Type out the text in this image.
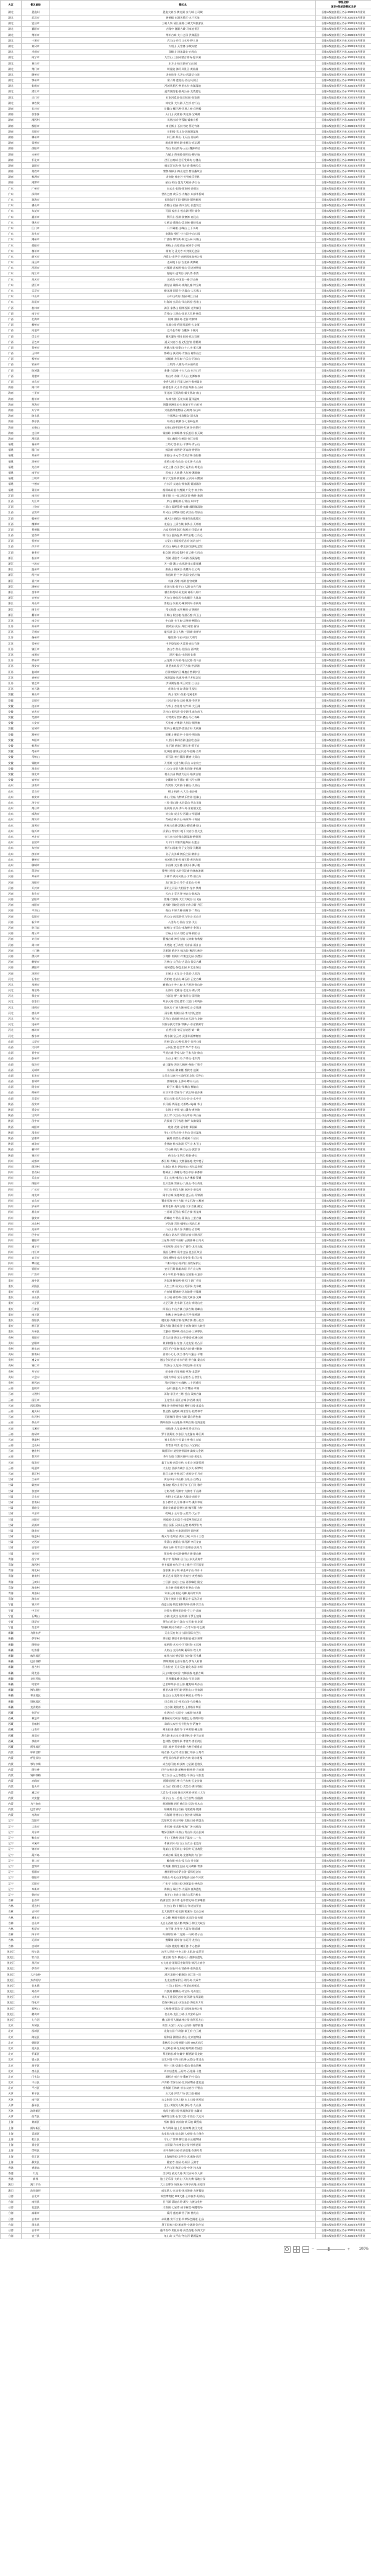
大区	景区星级	景区名	等级名称
国家A级旅游景区名录

湖北	恩施州	恩施大峡谷·腾龙洞·女儿城·土司城	国家A级旅游景区名录 2023年9月建设
湖北	武汉市	黄鹤楼·东湖风景区·木兰天池	国家A级旅游景区名录 2023年9月建设
湖北	宜昌市	三峡人家·清江画廊·三峡大坝旅游区	国家A级旅游景区名录 2023年9月建设
湖北	襄阳市	古隆中·襄阳古城·习家池景区	国家A级旅游景区名录 2023年9月建设
湖北	荆州市	荆州古城·关公义园·洪湖蓝田	国家A级旅游景区名录 2023年9月建设
湖北	十堰市	武当山·丹江口水库·野人谷	国家A级旅游景区名录 2023年9月建设
湖北	黄冈市	大别山·天堂寨·东坡赤壁	国家A级旅游景区名录 2023年9月建设
湖北	孝感市	双峰山·汤池温泉·白兆山	国家A级旅游景区名录 2023年9月建设
湖北	咸宁市	九宫山·三国赤壁古战场·隐水洞	国家A级旅游景区名录 2023年9月建设
湖北	黄石市	东方山·仙岛湖·矿山公园	国家A级旅游景区名录 2023年9月建设
湖北	荆门市	明显陵·漳河风景区·黄仙洞	国家A级旅游景区名录 2023年9月建设
湖北	随州市	炎帝故里·大洪山·西游记公园	国家A级旅游景区名录 2023年9月建设
湖北	鄂州市	梁子湖·莲花山·西山风景区	国家A级旅游景区名录 2023年9月建设
湖北	仙桃市	沔城风景区·梦里水乡·赤湖湿地	国家A级旅游景区名录 2023年9月建设
湖北	潜江市	返湾湖湿地·曹禺公园·龙湾遗址	国家A级旅游景区名录 2023年9月建设
湖北	天门市	石家河遗址·陆羽故园·张家湖	国家A级旅游景区名录 2023年9月建设
湖北	神农架	神农顶·大九湖·天生桥·官门山	国家A级旅游景区名录 2023年9月建设
湖南	长沙市	岳麓山·橘子洲·世界之窗·花明楼	国家A级旅游景区名录 2023年9月建设
湖南	张家界	天门山·武陵源·黄龙洞·宝峰湖	国家A级旅游景区名录 2023年9月建设
湖南	湘西州	凤凰古城·芙蓉镇·矮寨大桥	国家A级旅游景区名录 2023年9月建设
湖南	衡阳市	南岳衡山·石鼓书院·蔡伦竹海	国家A级旅游景区名录 2023年9月建设
湖南	岳阳市	岳阳楼·君山岛·洞庭湖湿地	国家A级旅游景区名录 2023年9月建设
湖南	郴州市	东江湖·莽山·飞天山·苏仙岭	国家A级旅游景区名录 2023年9月建设
湖南	常德市	桃花源·柳叶湖·壶瓶山·花岩溪	国家A级旅游景区名录 2023年9月建设
湖南	邵阳市	崀山·南山牧场·云山·魏源故居	国家A级旅游景区名录 2023年9月建设
湖南	永州市	九嶷山·舜帝陵·阳明山·柳子庙	国家A级旅游景区名录 2023年9月建设
湖南	怀化市	洪江古商城·芷江受降坊·万佛山	国家A级旅游景区名录 2023年9月建设
湖南	益阳市	桃花江竹海·茶马古道·奥林匹克	国家A级旅游景区名录 2023年9月建设
湖南	娄底市	紫鹊界梯田·梅山龙宫·曾国藩故居	国家A级旅游景区名录 2023年9月建设
湖南	株洲市	炎帝陵·神农谷·方特欢乐世界	国家A级旅游景区名录 2023年9月建设
湖南	湘潭市	韶山·昭山·盘龙大观园·齐白石	国家A级旅游景区名录 2023年9月建设
广东	广州市	白云山·长隆·陈家祠·沙面岛	国家A级旅游景区名录 2023年9月建设
广东	深圳市	世界之窗·欢乐谷·大梅沙·东部华侨城	国家A级旅游景区名录 2023年9月建设
广东	珠海市	长隆海洋王国·情侣路·圆明新园	国家A级旅游景区名录 2023年9月建设
广东	佛山市	西樵山·祖庙·南风古灶·长鹿农庄	国家A级旅游景区名录 2023年9月建设
广东	东莞市	可园·观音山·松山湖·鸦片战争	国家A级旅游景区名录 2023年9月建设
广东	惠州市	罗浮山·西湖·巽寮湾·南昆山	国家A级旅游景区名录 2023年9月建设
广东	肇庆市	七星岩·鼎湖山·盘龙峡·德庆孔庙	国家A级旅游景区名录 2023年9月建设
广东	江门市	开平碉楼·圭峰山·上下川岛	国家A级旅游景区名录 2023年9月建设
广东	汕头市	南澳岛·礐石·小公园·中山公园	国家A级旅游景区名录 2023年9月建设
广东	潮州市	广济桥·牌坊街·韩文公祠·凤凰山	国家A级旅游景区名录 2023年9月建设
广东	揭阳市	黄岐山·古榕武庙·双峰寺·京明	国家A级旅游景区名录 2023年9月建设
广东	梅州市	雁南飞·灵光寺·叶剑英纪念园	国家A级旅游景区名录 2023年9月建设
广东	韶关市	丹霞山·南华寺·南岭国家森林公园	国家A级旅游景区名录 2023年9月建设
广东	清远市	连州地下河·古龙峡·黄腾峡	国家A级旅游景区名录 2023年9月建设
广东	河源市	万绿湖·苏家围·桂山·恐龙博物馆	国家A级旅游景区名录 2023年9月建设
广东	阳江市	海陵岛·凌霄岩·沙扒湾·春湾	国家A级旅游景区名录 2023年9月建设
广东	茂名市	放鸡岛·中国第一滩·浮山岭	国家A级旅游景区名录 2023年9月建设
广东	湛江市	湖光岩·硇洲岛·观海长廊·特呈岛	国家A级旅游景区名录 2023年9月建设
广东	云浮市	蟠龙洞·国恩寺·天露山·大云雾山	国家A级旅游景区名录 2023年9月建设
广东	中山市	孙中山故居·詹园·岐江公园	国家A级旅游景区名录 2023年9月建设
广东	汕尾市	红海湾·玄武山·凤山妈祖·莲花山	国家A级旅游景区名录 2023年9月建设
广西	桂林市	漓江·象鼻山·阳朔西街·龙脊梯田	国家A级旅游景区名录 2023年9月建设
广西	南宁市	青秀山·大明山·花花大世界·扬美	国家A级旅游景区名录 2023年9月建设
广西	北海市	银滩·涠洲岛·老街·红树林	国家A级旅游景区名录 2023年9月建设
广西	柳州市	龙潭公园·程阳风雨桥·大龙潭	国家A级旅游景区名录 2023年9月建设
广西	河池市	巴马长寿村·百魔洞·下枧河	国家A级旅游景区名录 2023年9月建设
广西	崇左市	德天瀑布·明仕田园·花山岩画	国家A级旅游景区名录 2023年9月建设
广西	百色市	通灵大峡谷·起义纪念馆·澄碧湖	国家A级旅游景区名录 2023年9月建设
广西	贺州市	黄姚古镇·姑婆山·十八水·紫云洞	国家A级旅游景区名录 2023年9月建设
广西	玉林市	都峤山·真武阁·大容山·谢鲁山庄	国家A级旅游景区名录 2023年9月建设
广西	梧州市	骑楼城·龙母庙·白云山·石表山	国家A级旅游景区名录 2023年9月建设
广西	钦州市	三娘湾·八寨沟·刘永福故居	国家A级旅游景区名录 2023年9月建设
广西	防城港	金滩·白浪滩·十万大山·东兴口岸	国家A级旅游景区名录 2023年9月建设
广西	贵港市	南山寺·东湖·平天山·龙潭森林	国家A级旅游景区名录 2023年9月建设
广西	来宾市	金秀大瑶山·百崖大峡谷·象州温泉	国家A级旅游景区名录 2023年9月建设
海南	海口市	骑楼老街·火山口·假日海滩·五公祠	国家A级旅游景区名录 2023年9月建设
海南	三亚市	亚龙湾·天涯海角·蜈支洲岛·南山	国家A级旅游景区名录 2023年9月建设
海南	儋州市	东坡书院·石花水洞·蓝洋温泉	国家A级旅游景区名录 2023年9月建设
海南	琼海市	博鳌亚洲论坛·红色娘子军·白石岭	国家A级旅游景区名录 2023年9月建设
海南	万宁市	兴隆热带植物园·石梅湾·东山岭	国家A级旅游景区名录 2023年9月建设
海南	陵水县	分界洲岛·南湾猴岛·清水湾	国家A级旅游景区名录 2023年9月建设
海南	保亭县	呀诺达·槟榔谷·七仙岭温泉	国家A级旅游景区名录 2023年9月建设
海南	五指山	五指山热带雨林·红峡谷·初保村	国家A级旅游景区名录 2023年9月建设
海南	文昌市	铜鼓岭·东郊椰林·宋氏祖居·航天城	国家A级旅游景区名录 2023年9月建设
海南	澄迈县	福山咖啡·红树湾·金江老街	国家A级旅游景区名录 2023年9月建设
福建	福州市	三坊七巷·鼓山·平潭岛·青云山	国家A级旅游景区名录 2023年9月建设
福建	厦门市	鼓浪屿·南普陀·环岛路·曾厝垵	国家A级旅游景区名录 2023年9月建设
福建	泉州市	清源山·开元寺·崇武古城·洛阳桥	国家A级旅游景区名录 2023年9月建设
福建	漳州市	南靖土楼·东山岛·云水谣·火山岛	国家A级旅游景区名录 2023年9月建设
福建	龙岩市	永定土楼·古田会议·冠豸山·梅花山	国家A级旅游景区名录 2023年9月建设
福建	南平市	武夷山·九曲溪·大红袍·溪源庵	国家A级旅游景区名录 2023年9月建设
福建	三明市	泰宁大金湖·桃源洞·玉华洞·天鹅洞	国家A级旅游景区名录 2023年9月建设
福建	宁德市	白水洋·太姥山·杨家溪·霞浦滩涂	国家A级旅游景区名录 2023年9月建设
福建	莆田市	湄洲岛妈祖·九鲤湖·广化寺·南少林	国家A级旅游景区名录 2023年9月建设
江西	南昌市	滕王阁·八一起义纪念馆·梅岭·象湖	国家A级旅游景区名录 2023年9月建设
江西	九江市	庐山·鄱阳湖·石钟山·东林寺	国家A级旅游景区名录 2023年9月建设
江西	上饶市	三清山·婺源篁岭·龟峰·鄱阳湖湿地	国家A级旅游景区名录 2023年9月建设
江西	吉安市	井冈山·白鹭洲书院·武功山·青原山	国家A级旅游景区名录 2023年9月建设
江西	赣州市	通天岩·郁孤台·瑞金红色旅游区	国家A级旅游景区名录 2023年9月建设
江西	鹰潭市	龙虎山·上清古镇·象鼻山·天师府	国家A级旅游景区名录 2023年9月建设
江西	景德镇	古窑民俗博览区·陶溪川·浮梁古城	国家A级旅游景区名录 2023年9月建设
江西	宜春市	明月山·温汤温泉·禅宗圣地·三爪仑	国家A级旅游景区名录 2023年9月建设
江西	抚州市	大觉山·汤显祖纪念馆·流坑古村	国家A级旅游景区名录 2023年9月建设
江西	萍乡市	武功山·杨岐山·孽龙洞·安源纪念馆	国家A级旅游景区名录 2023年9月建设
江西	新余市	仙女湖·昌坊度假村·百丈峰·大岗山	国家A级旅游景区名录 2023年9月建设
浙江	杭州市	西湖·灵隐寺·千岛湖·西溪湿地	国家A级旅游景区名录 2023年9月建设
浙江	宁波市	天一阁·溪口·东钱湖·象山影视城	国家A级旅游景区名录 2023年9月建设
浙江	温州市	雁荡山·楠溪江·南麂岛·江心屿	国家A级旅游景区名录 2023年9月建设
浙江	绍兴市	鲁迅故里·兰亭·沈园·安昌古镇	国家A级旅游景区名录 2023年9月建设
浙江	嘉兴市	乌镇·西塘·南湖·盐官观潮	国家A级旅游景区名录 2023年9月建设
浙江	湖州市	南浔古镇·莫干山·太湖·安吉竹海	国家A级旅游景区名录 2023年9月建设
浙江	金华市	横店影视城·双龙洞·诸葛八卦村	国家A级旅游景区名录 2023年9月建设
浙江	台州市	天台山·神仙居·长屿硐天·大陈岛	国家A级旅游景区名录 2023年9月建设
浙江	舟山市	普陀山·朱家尖·嵊泗列岛·东极岛	国家A级旅游景区名录 2023年9月建设
浙江	丽水市	缙云仙都·云和梯田·古堰画乡	国家A级旅游景区名录 2023年9月建设
浙江	衢州市	江郎山·根宝地·龙游石窟·药王山	国家A级旅游景区名录 2023年9月建设
江苏	南京市	中山陵·夫子庙·总统府·栖霞山	国家A级旅游景区名录 2023年9月建设
江苏	苏州市	拙政园·虎丘·周庄·同里·留园	国家A级旅游景区名录 2023年9月建设
江苏	无锡市	鼋头渚·灵山大佛·三国城·南禅寺	国家A级旅游景区名录 2023年9月建设
江苏	扬州市	瘦西湖·个园·何园·大明寺	国家A级旅游景区名录 2023年9月建设
江苏	常州市	中华恐龙园·天目湖·南山竹海	国家A级旅游景区名录 2023年9月建设
江苏	镇江市	金山寺·焦山·北固山·西津渡	国家A级旅游景区名录 2023年9月建设
江苏	南通市	濠河·狼山·水绘园·如皋	国家A级旅游景区名录 2023年9月建设
江苏	徐州市	云龙湖·兵马俑·龟山汉墓·戏马台	国家A级旅游景区名录 2023年9月建设
江苏	淮安市	周恩来故居·河下古镇·洪泽湖	国家A级旅游景区名录 2023年9月建设
江苏	盐城市	丹顶鹤保护区·麋鹿自然保护区	国家A级旅游景区名录 2023年9月建设
江苏	泰州市	溱湖湿地·凤城河·梅兰芳纪念馆	国家A级旅游景区名录 2023年9月建设
江苏	宿迁市	洪泽湖湿地·项王故里·三台山	国家A级旅游景区名录 2023年9月建设
江苏	连云港	花果山·连岛·渔湾·孔望山	国家A级旅游景区名录 2023年9月建设
安徽	黄山市	黄山·宏村·西递·屯溪老街	国家A级旅游景区名录 2023年9月建设
安徽	合肥市	三河古镇·包公园·巢湖·李鸿章	国家A级旅游景区名录 2023年9月建设
安徽	池州市	九华山·杏花村·牯牛降·大王洞	国家A级旅游景区名录 2023年9月建设
安徽	安庆市	天柱山·振风塔·花亭湖·孔雀东南飞	国家A级旅游景区名录 2023年9月建设
安徽	芜湖市	方特欢乐世界·赭山·马仁奇峰	国家A级旅游景区名录 2023年9月建设
安徽	六安市	天堂寨·万佛湖·大别山·铜锣寨	国家A级旅游景区名录 2023年9月建设
安徽	宣城市	敬亭山·桃花潭·查济古村·太极洞	国家A级旅游景区名录 2023年9月建设
安徽	滁州市	琅琊山·醉翁亭·小岗村·明皇陵	国家A级旅游景区名录 2023年9月建设
安徽	阜阳市	八里河·颍州西湖·迪沟生态园	国家A级旅游景区名录 2023年9月建设
安徽	蚌埠市	龙子湖·花鼓灯嘉年华·禹王宫	国家A级旅游景区名录 2023年9月建设
安徽	亳州市	花戏楼·曹操运兵道·华祖庵·古井	国家A级旅游景区名录 2023年9月建设
安徽	马鞍山	采石矶·李白墓园·濮塘·大青山	国家A级旅游景区名录 2023年9月建设
安徽	铜陵市	天井湖·大通古镇·浮山·永泉农庄	国家A级旅游景区名录 2023年9月建设
安徽	淮南市	八公山·寿县古城·焦岗湖·茅仙洞	国家A级旅游景区名录 2023年9月建设
安徽	淮北市	相山公园·隋唐大运河·临涣古镇	国家A级旅游景区名录 2023年9月建设
安徽	宿州市	皇藏峪·垓下遗址·新汴河·五柳	国家A级旅游景区名录 2023年9月建设
山东	济南市	趵突泉·大明湖·千佛山·九如山	国家A级旅游景区名录 2023年9月建设
山东	青岛市	崂山·栈桥·八大关·金沙滩	国家A级旅游景区名录 2023年9月建设
山东	泰安市	泰山·岱庙·方特欢乐世界·徂徕山	国家A级旅游景区名录 2023年9月建设
山东	济宁市	三孔·微山湖·水泊梁山·尼山圣境	国家A级旅游景区名录 2023年9月建设
山东	烟台市	蓬莱阁·长岛·养马岛·张裕酒文化	国家A级旅游景区名录 2023年9月建设
山东	威海市	刘公岛·成山头·西霞口·华夏城	国家A级旅游景区名录 2023年9月建设
山东	潍坊市	青州古城·沂山·杨家埠·十笏园	国家A级旅游景区名录 2023年9月建设
山东	淄博市	周村古商城·潭溪山·聊斋城·原山	国家A级旅游景区名录 2023年9月建设
山东	临沂市	沂蒙山·竹泉村·地下大峡谷·萤火虫	国家A级旅游景区名录 2023年9月建设
山东	枣庄市	台儿庄古城·微山湖湿地·抱犊崮	国家A级旅游景区名录 2023年9月建设
山东	日照市	万平口·刘家湾赶海园·五莲山	国家A级旅游景区名录 2023年9月建设
山东	东营市	黄河口湿地·孙子文化园·天鹅湖	国家A级旅游景区名录 2023年9月建设
山东	滨州市	孙子兵法城·魏氏庄园·鹤伴山	国家A级旅游景区名录 2023年9月建设
山东	德州市	泉城欧乐堡·苏禄王墓·黄河故道	国家A级旅游景区名录 2023年9月建设
山东	聊城市	东昌湖·光岳楼·景阳冈·狮子楼	国家A级旅游景区名录 2023年9月建设
山东	菏泽市	曹州牡丹园·水浒好汉城·孙膑旅游城	国家A级旅游景区名录 2023年9月建设
河南	郑州市	少林寺·黄河风景区·方特·康百万	国家A级旅游景区名录 2023年9月建设
河南	洛阳市	龙门石窟·白马寺·老君山·关林	国家A级旅游景区名录 2023年9月建设
河南	开封市	清明上河园·大相国寺·龙亭·铁塔	国家A级旅游景区名录 2023年9月建设
河南	焦作市	云台山·青天河·神农山·陈家沟	国家A级旅游景区名录 2023年9月建设
河南	安阳市	殷墟·红旗渠·太行大峡谷·岳飞庙	国家A级旅游景区名录 2023年9月建设
河南	南阳市	老界岭·西峡恐龙园·内乡县衙·丹江	国家A级旅游景区名录 2023年9月建设
河南	平顶山	尧山·中原大佛·画眉谷·二郎山	国家A级旅游景区名录 2023年9月建设
河南	信阳市	鸡公山·南湾湖·西九华山·灵山寺	国家A级旅游景区名录 2023年9月建设
河南	新乡市	八里沟·万仙山·宝泉·关山	国家A级旅游景区名录 2023年9月建设
河南	驻马店	嵖岈山·老乐山·南海禅寺·金顶山	国家A级旅游景区名录 2023年9月建设
河南	商丘市	芒砀山·应天书院·古城·阏伯台	国家A级旅游景区名录 2023年9月建设
河南	许昌市	曹魏古城·神垕古镇·大鸿寨·春秋楼	国家A级旅游景区名录 2023年9月建设
河南	周口市	太昊陵·老子故里·关帝庙·画卦台	国家A级旅游景区名录 2023年9月建设
河南	三门峡	天鹅湖·函谷关·地坑院·豫西大峡谷	国家A级旅游景区名录 2023年9月建设
河南	漯河市	小商桥·南街村·许慎文化园·沙澧河	国家A级旅游景区名录 2023年9月建设
河南	鹤壁市	云梦山·大伾山·古灵山·浚县古城	国家A级旅游景区名录 2023年9月建设
河南	濮阳市	戚城遗址·绿色庄园·东北庄杂技	国家A级旅游景区名录 2023年9月建设
河南	济源市	王屋山·五龙口·小浪底·九里沟	国家A级旅游景区名录 2023年9月建设
河北	石家庄	西柏坡·苍岩山·嶂石岩·正定古城	国家A级旅游景区名录 2023年9月建设
河北	承德市	避暑山庄·外八庙·木兰围场·金山岭	国家A级旅游景区名录 2023年9月建设
河北	秦皇岛	山海关·北戴河·老龙头·鸽子窝	国家A级旅游景区名录 2023年9月建设
河北	保定市	白洋淀·野三坡·狼牙山·清西陵	国家A级旅游景区名录 2023年9月建设
河北	张家口	草原天路·崇礼滑雪·大境门·鸡鸣驿	国家A级旅游景区名录 2023年9月建设
河北	邯郸市	娲皇宫·广府古城·响堂山·京娘湖	国家A级旅游景区名录 2023年9月建设
河北	唐山市	清东陵·南湖公园·李大钊纪念馆	国家A级旅游景区名录 2023年9月建设
河北	邢台市	天河山·前南峪·崆山白云洞·九龙峡	国家A级旅游景区名录 2023年9月建设
河北	沧州市	吴桥杂技大世界·铁狮子·东光铁佛寺	国家A级旅游景区名录 2023年9月建设
河北	廊坊市	自然公园·宋辽古战道·第一城	国家A级旅游景区名录 2023年9月建设
河北	衡水市	衡水湖·宝云寺·武强年画博物馆	国家A级旅游景区名录 2023年9月建设
山西	太原市	晋祠·蒙山大佛·双塔寺·汾河公园	国家A级旅游景区名录 2023年9月建设
山西	大同市	云冈石窟·悬空寺·华严寺·恒山	国家A级旅游景区名录 2023年9月建设
山西	晋中市	平遥古城·乔家大院·王家大院·绵山	国家A级旅游景区名录 2023年9月建设
山西	忻州市	五台山·雁门关·芦芽山·老牛湾	国家A级旅游景区名录 2023年9月建设
山西	临汾市	壶口瀑布·洪洞大槐树·尧庙·广胜寺	国家A级旅游景区名录 2023年9月建设
山西	运城市	关帝庙·鹳雀楼·普救寺·盐湖	国家A级旅游景区名录 2023年9月建设
山西	长治市	太行山大峡谷·八路军纪念馆·天脊山	国家A级旅游景区名录 2023年9月建设
山西	晋城市	皇城相府·王莽岭·蟒河·珏山	国家A级旅游景区名录 2023年9月建设
山西	阳泉市	娘子关·藏山·翠枫山·狮脑山	国家A级旅游景区名录 2023年9月建设
山西	朔州市	应县木塔·崇福寺·广武长城·金沙滩	国家A级旅游景区名录 2023年9月建设
山西	吕梁市	碛口古镇·北武当山·卦山·玄中寺	国家A级旅游景区名录 2023年9月建设
陕西	西安市	兵马俑·华清池·大雁塔·city墙·华山	国家A级旅游景区名录 2023年9月建设
陕西	延安市	宝塔山·枣园·壶口瀑布·黄帝陵	国家A级旅游景区名录 2023年9月建设
陕西	宝鸡市	法门寺·太白山·关山草原·周公庙	国家A级旅游景区名录 2023年9月建设
陕西	汉中市	武侯祠·石门栈道·黎坪·朱鹮梨园	国家A级旅游景区名录 2023年9月建设
陕西	咸阳市	乾陵·茂陵·袁家村·郑国渠	国家A级旅游景区名录 2023年9月建设
陕西	渭南市	华山·司马迁祠·少华山·洽川湿地	国家A级旅游景区名录 2023年9月建设
陕西	安康市	瀛湖·南宫山·香溪洞·千层河	国家A级旅游景区名录 2023年9月建设
陕西	商洛市	金丝峡·柞水溶洞·天竺山·木王山	国家A级旅游景区名录 2023年9月建设
陕西	榆林市	红石峡·统万城·白云山·波浪谷	国家A级旅游景区名录 2023年9月建设
陕西	铜川市	药王山·玉华宫·照金·香山	国家A级旅游景区名录 2023年9月建设
四川	成都市	都江堰·青城山·大熊猫基地·宽窄巷子	国家A级旅游景区名录 2023年9月建设
四川	阿坝州	九寨沟·黄龙·四姑娘山·若尔盖草原	国家A级旅游景区名录 2023年9月建设
四川	甘孜州	稻城亚丁·海螺沟·塔公草原·新都桥	国家A级旅游景区名录 2023年9月建设
四川	乐山市	乐山大佛·峨眉山·东方佛都·罗城	国家A级旅游景区名录 2023年9月建设
四川	绵阳市	北川羌城·窦圌山·九皇山·李白故里	国家A级旅游景区名录 2023年9月建设
四川	广元市	剑门关·昭化古城·皇泽寺·唐家河	国家A级旅游景区名录 2023年9月建设
四川	南充市	阆中古城·朱德故里·凌云山·升钟湖	国家A级旅游景区名录 2023年9月建设
四川	宜宾市	蜀南竹海·李庄古镇·兴文石海·五粮液	国家A级旅游景区名录 2023年9月建设
四川	泸州市	黄荆老林·尧坝古镇·太平古镇·佛宝	国家A级旅游景区名录 2023年9月建设
四川	眉山市	三苏祠·瓦屋山·柳江古镇·黑龙滩	国家A级旅游景区名录 2023年9月建设
四川	雅安市	碧峰峡·牛背山·蒙顶山·上里古镇	国家A级旅游景区名录 2023年9月建设
四川	凉山州	泸沽湖·邛海·螺髻山·西昌卫星	国家A级旅游景区名录 2023年9月建设
四川	达州市	八台山·賨人谷·真佛山·百里峡	国家A级旅游景区名录 2023年9月建设
四川	巴中市	光雾山·诺水河·恩阳古镇·川陕苏区	国家A级旅游景区名录 2023年9月建设
四川	德阳市	三星堆·绵竹年画村·云湖森林·白马关	国家A级旅游景区名录 2023年9月建设
四川	遂宁市	中国死海·灵泉寺·广德寺·龙凤古镇	国家A级旅游景区名录 2023年9月建设
四川	内江市	隆昌石牌坊·资中文庙·范长江故居	国家A级旅游景区名录 2023年9月建设
四川	自贡市	恐龙博物馆·盐业历史馆·彩灯公园	国家A级旅游景区名录 2023年9月建设
四川	攀枝花	二滩水电站·格萨拉·苏铁保护区	国家A级旅游景区名录 2023年9月建设
四川	资阳市	安岳石刻·陈毅故居·半月山大佛	国家A级旅游景区名录 2023年9月建设
四川	广安市	邓小平故里·华蓥山·宝箴塞·天意谷	国家A级旅游景区名录 2023年9月建设
重庆	渝中区	洪崖洞·解放碑·朝天门·湖广会馆	国家A级旅游景区名录 2023年9月建设
重庆	武隆区	天生三桥·仙女山·芙蓉洞·龙水峡	国家A级旅游景区名录 2023年9月建设
重庆	奉节县	白帝城·瞿塘峡·天坑地缝·兴隆洞	国家A级旅游景区名录 2023年9月建设
重庆	巫山县	小三峡·神女峰·当阳大峡谷·文峰	国家A级旅游景区名录 2023年9月建设
重庆	大足区	大足石刻·龙水湖·玉龙山·荷花山庄	国家A级旅游景区名录 2023年9月建设
重庆	江津区	四面山·中山古镇·白沙古镇·骆崃山	国家A级旅游景区名录 2023年9月建设
重庆	南川区	金佛山·神龙峡·山王坪·黎香湖	国家A级旅游景区名录 2023年9月建设
重庆	酉阳县	桃花源·龚滩古镇·龙潭古镇·叠石花谷	国家A级旅游景区名录 2023年9月建设
重庆	黔江区	濯水古镇·蒲花暗河·小南海·城市大峡谷	国家A级旅游景区名录 2023年9月建设
重庆	万州区	大瀑布·潭獐峡·西山公园·三峡移民	国家A级旅游景区名录 2023年9月建设
贵州	贵阳市	青岩古镇·黔灵山·甲秀楼·花溪公园	国家A级旅游景区名录 2023年9月建设
贵州	安顺市	黄果树瀑布·龙宫·天龙屯堡·格凸河	国家A级旅游景区名录 2023年9月建设
贵州	黔东南	西江千户苗寨·镇远古城·肇兴侗寨	国家A级旅游景区名录 2023年9月建设
贵州	黔南州	荔波小七孔·茂兰·都匀斗篷山·平塘	国家A级旅游景区名录 2023年9月建设
贵州	遵义市	遵义会议会址·赤水丹霞·茅台镇·娄山关	国家A级旅游景区名录 2023年9月建设
贵州	铜仁市	梵净山·九龙洞·大明边城·亚木沟	国家A级旅游景区名录 2023年9月建设
贵州	毕节市	织金洞·百里杜鹃·草海·韭菜坪	国家A级旅游景区名录 2023年9月建设
贵州	六盘水	乌蒙大草原·妥乐古银杏·玉舍雪山	国家A级旅游景区名录 2023年9月建设
贵州	黔西南	马岭河峡谷·万峰林·二十四道拐	国家A级旅游景区名录 2023年9月建设
云南	昆明市	石林·滇池·九乡·世博园·翠湖	国家A级旅游景区名录 2023年9月建设
云南	大理州	洱海·崇圣寺三塔·苍山·双廊古镇	国家A级旅游景区名录 2023年9月建设
云南	丽江市	玉龙雪山·丽江古城·泸沽湖·束河	国家A级旅游景区名录 2023年9月建设
云南	西双版纳	野象谷·热带植物园·曼听公园·基诺山	国家A级旅游景区名录 2023年9月建设
云南	迪庆州	普达措·虎跳峡·梅里雪山·松赞林寺	国家A级旅游景区名录 2023年9月建设
云南	红河州	元阳梯田·建水古城·蒙自碧色寨	国家A级旅游景区名录 2023年9月建设
云南	保山市	腾冲热海·火山地热·和顺古镇·北海湿地	国家A级旅游景区名录 2023年9月建设
云南	玉溪市	抚仙湖·九龙池·映月潭·哀牢山	国家A级旅游景区名录 2023年9月建设
云南	曲靖市	罗平油菜花·多依河·九龙瀑布·珠江源	国家A级旅游景区名录 2023年9月建设
云南	楚雄州	禄丰恐龙谷·元谋土林·彝人古镇	国家A级旅游景区名录 2023年9月建设
云南	文山州	普者黑·坝美·老君山·八宝景区	国家A级旅游景区名录 2023年9月建设
云南	德宏州	瑞丽莽市·莫里热带雨林·勐焕大金塔	国家A级旅游景区名录 2023年9月建设
云南	普洱市	茶马古道·太阳河森林公园·景迈山	国家A级旅游景区名录 2023年9月建设
云南	临沧市	翁丁古寨·南美拉祜·五老山·沧源崖画	国家A级旅游景区名录 2023年9月建设
云南	昭通市	大山包·西部大峡谷·豆沙关·铜锣坝	国家A级旅游景区名录 2023年9月建设
云南	怒江州	怒江大峡谷·独龙江·老姆登·石月亮	国家A级旅游景区名录 2023年9月建设
甘肃	兰州市	黄河母亲·中山桥·五泉山·白塔山	国家A级旅游景区名录 2023年9月建设
甘肃	敦煌市	莫高窟·鸣沙山月牙泉·玉门关·雅丹	国家A级旅游景区名录 2023年9月建设
甘肃	张掖市	七彩丹霞·马蹄寺·大佛寺·平山湖	国家A级旅游景区名录 2023年9月建设
甘肃	天水市	麦积山·伏羲庙·大地湾·南郭寺	国家A级旅游景区名录 2023年9月建设
甘肃	甘南州	拉卜楞寺·扎尕那·郎木寺·桑科草原	国家A级旅游景区名录 2023年9月建设
甘肃	嘉峪关	嘉峪关城楼·悬壁长城·魏晋墓·方特	国家A级旅游景区名录 2023年9月建设
甘肃	平凉市	崆峒山·王母宫·云崖寺·大云寺	国家A级旅游景区名录 2023年9月建设
甘肃	庆阳市	周祖陵·北石窟寺·南梁革命纪念馆	国家A级旅游景区名录 2023年9月建设
甘肃	武威市	雷台汉墓·天梯山石窟·鸠摩罗什寺	国家A级旅游景区名录 2023年9月建设
甘肃	陇南市	官鹅沟·万象洞·阳坝·西狭颂	国家A级旅游景区名录 2023年9月建设
甘肃	临夏州	炳灵寺·松鸣岩·黄河三峡·八坊十三巷	国家A级旅游景区名录 2023年9月建设
甘肃	定西市	贵清山·遮阳山·渭河源·李氏龙宫	国家A级旅游景区名录 2023年9月建设
甘肃	白银市	黄河石林·红军会宁会师园·法泉寺	国家A级旅游景区名录 2023年9月建设
甘肃	金昌市	紫金苑·金水湖·骊靬古城·御山峡	国家A级旅游景区名录 2023年9月建设
青海	西宁市	塔尔寺·青海湖·日月山·东关清真寺	国家A级旅游景区名录 2023年9月建设
青海	海西州	茶卡盐湖·察尔汗·水上雅丹·可可西里	国家A级旅游景区名录 2023年9月建设
青海	海北州	金银滩·原子城·祁连卓尔山·岗什卡	国家A级旅游景区名录 2023年9月建设
青海	黄南州	热贡艺术·隆务寺·坎布拉·麦秀林场	国家A级旅游景区名录 2023年9月建设
青海	玉树州	三江源·文成公主庙·嘉那嘛呢·隆宝	国家A级旅游景区名录 2023年9月建设
青海	海南州	龙羊峡·贵德黄河·拉脊山·羊曲	国家A级旅游景区名录 2023年9月建设
青海	果洛州	年保玉则·阿尼玛卿·班玛红军沟	国家A级旅游景区名录 2023年9月建设
青海	海东市	互助土族故土园·瞿昙寺·孟达天池	国家A级旅游景区名录 2023年9月建设
宁夏	银川市	西夏王陵·镇北堡影视城·沙湖·贺兰山	国家A级旅游景区名录 2023年9月建设
宁夏	中卫市	沙坡头·腾格里沙漠·寺口子·高庙	国家A级旅游景区名录 2023年9月建设
宁夏	石嘴山	沙湖·北武当·星海湖·平罗玉皇阁	国家A级旅游景区名录 2023年9月建设
宁夏	固原市	须弥山石窟·六盘山·火石寨·老龙潭	国家A级旅游景区名录 2023年9月建设
宁夏	吴忠市	青铜峡黄河大峡谷·一百零八塔·哈巴湖	国家A级旅游景区名录 2023年9月建设
新疆	乌鲁木齐	天山天池·红山公园·国际大巴扎	国家A级旅游景区名录 2023年9月建设
新疆	伊犁州	那拉提·赛里木湖·喀拉峻·霍尔果斯	国家A级旅游景区名录 2023年9月建设
新疆	阿勒泰	喀纳斯·禾木村·可可托海·五彩滩	国家A级旅游景区名录 2023年9月建设
新疆	吐鲁番	火焰山·交河故城·葡萄沟·坎儿井	国家A级旅游景区名录 2023年9月建设
新疆	喀什地区	喀什古城·香妃园·白沙湖·石头城	国家A级旅游景区名录 2023年9月建设
新疆	巴音郭楞	博斯腾湖·巴音布鲁克·罗布人村寨	国家A级旅游景区名录 2023年9月建设
新疆	昌吉州	江布拉克·天山天池·硅化木园·车师	国家A级旅游景区名录 2023年9月建设
新疆	阿克苏	天山神秘大峡谷·刀郎部落·龟兹古城	国家A级旅游景区名录 2023年9月建设
新疆	克拉玛依	世界魔鬼城·黑油山·艾里克湖	国家A级旅游景区名录 2023年9月建设
新疆	哈密市	巴里坤草原·回王府·魔鬼城·鸣沙山	国家A级旅游景区名录 2023年9月建设
新疆	博尔塔拉	赛里木湖·怪石峪·阿拉山口·甘家湖	国家A级旅游景区名录 2023年9月建设
新疆	和田地区	昆仑山·玉龙喀什河·核桃王·约特干	国家A级旅游景区名录 2023年9月建设
新疆	塔城地区	巴克图口岸·裕民山花·乌苏佛山	国家A级旅游景区名录 2023年9月建设
新疆	克孜勒苏	白沙湖·奥依塔克·玉其塔什草原	国家A级旅游景区名录 2023年9月建设
西藏	拉萨市	布达拉宫·大昭寺·八廓街·纳木错	国家A级旅游景区名录 2023年9月建设
西藏	林芝市	雅鲁藏布大峡谷·南迦巴瓦·鲁朗林海	国家A级旅游景区名录 2023年9月建设
西藏	日喀则	珠峰大本营·扎什伦布寺·萨迦寺	国家A级旅游景区名录 2023年9月建设
西藏	山南市	雍布拉康·桑耶寺·羊卓雍错·藏王墓	国家A级旅游景区名录 2023年9月建设
西藏	昌都市	然乌湖·来古冰川·强巴林寺·茶马古道	国家A级旅游景区名录 2023年9月建设
西藏	那曲市	色林错·羌塘草原·孝登寺·普若岗日	国家A级旅游景区名录 2023年9月建设
西藏	阿里地区	冈仁波齐·玛旁雍错·古格王朝遗址	国家A级旅游景区名录 2023年9月建设
内蒙	呼和浩特	昭君墓·大召寺·希拉穆仁草原·五塔寺	国家A级旅游景区名录 2023年9月建设
内蒙	呼伦贝尔	呼伦贝尔草原·额尔古纳·莫尔道嘎	国家A级旅游景区名录 2023年9月建设
内蒙	鄂尔多斯	成吉思汗陵·响沙湾·七星湖·恩格贝	国家A级旅游景区名录 2023年9月建设
内蒙	阿拉善	巴丹吉林沙漠·胡杨林·腾格里·月亮湖	国家A级旅游景区名录 2023年9月建设
内蒙	锡林郭勒	乌兰五台·元上都遗址·平顶山·乌拉盖	国家A级旅游景区名录 2023年9月建设
内蒙	赤峰市	阿斯哈图石林·乌兰布统·玉龙沙湖	国家A级旅游景区名录 2023年9月建设
内蒙	包头市	五当召·希拉穆仁·美岱召·赛汗塔拉	国家A级旅游景区名录 2023年9月建设
内蒙	通辽市	大青沟·孝庄园·珠日河草原·库伦三大寺	国家A级旅游景区名录 2023年9月建设
内蒙	兴安盟	阿尔山·五一会址·乌兰浩特·杜鹃湖	国家A级旅游景区名录 2023年9月建设
内蒙	乌兰察布	辉腾锡勒草原·黄花沟·岱海·苏木山	国家A级旅游景区名录 2023年9月建设
内蒙	巴彦淖尔	纳林湖·阴山岩画·乌梁素海·镜湖	国家A级旅游景区名录 2023年9月建设
内蒙	乌海市	乌海湖·甘德尔山·金沙湾·胡杨岛	国家A级旅游景区名录 2023年9月建设
辽宁	沈阳市	沈阳故宫·张氏帅府·北陵公园·棋盘山	国家A级旅游景区名录 2023年9月建设
辽宁	大连市	金石滩·老虎滩·星海广场·冰峪沟	国家A级旅游景区名录 2023年9月建设
辽宁	丹东市	鸭绿江断桥·凤凰山·青山沟·虎山长城	国家A级旅游景区名录 2023年9月建设
辽宁	鞍山市	千山·玉佛苑·汤岗子温泉·二一九	国家A级旅游景区名录 2023年9月建设
辽宁	本溪市	本溪水洞·关门山·五女山·老边沟	国家A级旅游景区名录 2023年9月建设
辽宁	锦州市	笔架山·医巫闾山·奉国寺·辽沈战役	国家A级旅游景区名录 2023年9月建设
辽宁	葫芦岛	兴城古城·菊花岛·龙湾海滨·九门口	国家A级旅游景区名录 2023年9月建设
辽宁	营口市	鲅鱼圈·赤山·望儿山·月亮湖	国家A级旅游景区名录 2023年9月建设
辽宁	盘锦市	红海滩·鼎翔生态园·辽河碑林·苇海	国家A级旅游景区名录 2023年9月建设
辽宁	抚顺市	赫图阿拉城·萨尔浒·雷锋纪念馆	国家A级旅游景区名录 2023年9月建设
辽宁	朝阳市	凤凰山·鸟化石国家地质公园·牛河梁	国家A级旅游景区名录 2023年9月建设
辽宁	辽阳市	广佑寺·白塔公园·汤河温泉·核伙沟	国家A级旅游景区名录 2023年9月建设
辽宁	阜新市	海棠山·瑞应寺·大清沟·查海遗址	国家A级旅游景区名录 2023年9月建设
辽宁	铁岭市	象牙山·龙首山·调兵山蒸汽机车	国家A级旅游景区名录 2023年9月建设
吉林	长春市	伪满皇宫·净月潭·长影世纪城·世界雕塑	国家A级旅游景区名录 2023年9月建设
吉林	延边州	长白山·防川·帽儿山·和龙仙景台	国家A级旅游景区名录 2023年9月建设
吉林	吉林市	北大湖滑雪·松花湖·雾凇岛·北山公园	国家A级旅游景区名录 2023年9月建设
吉林	通化市	五女峰·杨靖宇陵园·龙湾群·高句丽	国家A级旅游景区名录 2023年9月建设
吉林	白山市	长白山西坡·望天鹅·鸭绿江·锦江大峡谷	国家A级旅游景区名录 2023年9月建设
吉林	松原市	查干湖·龙华寺·大青沟·塔虎城	国家A级旅游景区名录 2023年9月建设
吉林	四平市	叶赫那拉城·二龙湖·一马树·塔子山	国家A级旅游景区名录 2023年9月建设
吉林	辽源市	鴜鹭湖·福寿宫·东辽河·龙首山	国家A级旅游景区名录 2023年9月建设
吉林	白城市	向海·莫莫格·嫩江湾·牛心套保	国家A级旅游景区名录 2023年9月建设
黑龙江	哈尔滨	冰雪大世界·中央大街·太阳岛·索菲亚	国家A级旅游景区名录 2023年9月建设
黑龙江	牡丹江	镜泊湖·雪乡·横道河子·渤海国遗址	国家A级旅游景区名录 2023年9月建设
黑龙江	黑河市	五大连池·瑷珲历史陈列馆·锦河大峡谷	国家A级旅游景区名录 2023年9月建设
黑龙江	伊春市	汤旺河石林·五营森林·嘉荫恐龙	国家A级旅游景区名录 2023年9月建设
黑龙江	大兴安岭	漠河北极村·胭脂沟·龙江第一湾	国家A级旅游景区名录 2023年9月建设
黑龙江	齐齐哈尔	扎龙自然保护区·明月岛·大乘寺	国家A级旅游景区名录 2023年9月建设
黑龙江	佳木斯	三江口·街津口·华夏东极抚远	国家A级旅游景区名录 2023年9月建设
黑龙江	鸡西市	兴凯湖·麒麟山·珍宝岛·乌苏里江	国家A级旅游景区名录 2023年9月建设
黑龙江	大庆市	铁人王进喜纪念馆·连环湖·龙凤湿地	国家A级旅游景区名录 2023年9月建设
黑龙江	绥化市	望奎林枫山庄·庆安圣浪·海伦东方红	国家A级旅游景区名录 2023年9月建设
黑龙江	双鸭山	七星峰·雁窝岛·青山国家森林公园	国家A级旅游景区名录 2023年9月建设
黑龙江	鹤岗市	名山岛·龙江三峡·小兴安岭石林	国家A级旅游景区名录 2023年9月建设
黑龙江	七台河	桃山湖·西大圈森林公园·勃利石龙山	国家A级旅游景区名录 2023年9月建设
北京	东城区	故宫·天安门·天坛·王府井·南锣鼓巷	国家A级旅游景区名录 2023年9月建设
北京	西城区	北海公园·什刹海·恭王府·白云观	国家A级旅游景区名录 2023年9月建设
北京	海淀区	颐和园·圆明园·香山·北京植物园	国家A级旅游景区名录 2023年9月建设
北京	朝阳区	奥林匹克公园·朝阳公园·798艺术区	国家A级旅游景区名录 2023年9月建设
北京	延庆区	八达岭长城·龙庆峡·野鸭湖·世园会	国家A级旅游景区名录 2023年9月建设
北京	怀柔区	慕田峪长城·红螺寺·雁栖湖·青龙峡	国家A级旅游景区名录 2023年9月建设
北京	密云区	古北水镇·司马台长城·云蒙山·雾灵山	国家A级旅游景区名录 2023年9月建设
北京	昌平区	明十三陵·居庸关·蟒山·银山塔林	国家A级旅游景区名录 2023年9月建设
北京	房山区	周口店遗址·云居寺·石花洞·十渡	国家A级旅游景区名录 2023年9月建设
北京	门头沟	潭柘寺·戒台寺·爨底下村·灵山	国家A级旅游景区名录 2023年9月建设
北京	丰台区	卢沟桥·世界公园·北京园博园·莲花池	国家A级旅游景区名录 2023年9月建设
北京	平谷区	金海湖·石林峡·京东大峡谷·丫髻山	国家A级旅游景区名录 2023年9月建设
天津	和平区	五大道·津湾广场·滨江道·静园	国家A级旅游景区名录 2023年9月建设
天津	南开区	古文化街·天津之眼·水上公园·周邓馆	国家A级旅游景区名录 2023年9月建设
天津	蓟州区	盘山·黄崖关长城·独乐寺·九山顶	国家A级旅游景区名录 2023年9月建设
天津	滨海新区	航母主题公园·极地海洋馆·东疆湾	国家A级旅游景区名录 2023年9月建设
天津	西青区	杨柳青古镇·石家大院·水西庄·大运河	国家A级旅游景区名录 2023年9月建设
上海	黄浦区	外滩·豫园·南京路·新天地·城隍庙	国家A级旅游景区名录 2023年9月建设
上海	浦东新区	东方明珠·迪士尼·陆家嘴·滨江大道	国家A级旅游景区名录 2023年9月建设
上海	青浦区	朱家角古镇·淀山湖·大观园·东方绿舟	国家A级旅游景区名录 2023年9月建设
上海	松江区	佘山·广富林·醉白池·辰山植物园	国家A级旅游景区名录 2023年9月建设
上海	嘉定区	古猗园·汽车博览公园·州桥老街	国家A级旅游景区名录 2023年9月建设
上海	崇明区	东平森林公园·西沙湿地·东滩鸟类	国家A级旅游景区名录 2023年9月建设
上海	徐汇区	上海植物园·龙华寺·武康路·西岸	国家A级旅游景区名录 2023年9月建设
上海	静安区	静安寺·张园·苏州河·玉佛寺	国家A级旅游景区名录 2023年9月建设
香港	香港岛	太平山顶·海洋公园·中环·浅水湾	国家A级旅游景区名录 2023年9月建设
香港	九龙	尖沙咀·星光大道·黄大仙祠·女人街	国家A级旅游景区名录 2023年9月建设
香港	新界	迪士尼乐园·大屿山·天坛大佛·湿地公园	国家A级旅游景区名录 2023年9月建设
澳门	澳门半岛	大三巴牌坊·妈阁庙·议事亭前地·东望洋	国家A级旅游景区名录 2023年9月建设
澳门	氹仔路环	威尼斯人·官也街·黑沙海滩·龙环葡韵	国家A级旅游景区名录 2023年9月建设
台湾	台北市	故宫博物院·101大楼·士林夜市·阳明山	国家A级旅游景区名录 2023年9月建设
台湾	南投县	日月潭·清境农场·溪头·九族文化村	国家A级旅游景区名录 2023年9月建设
台湾	花莲县	太鲁阁·七星潭·清水断崖·瑞穗牧场	国家A级旅游景区名录 2023年9月建设
台湾	高雄市	爱河·莲池潭·西子湾·佛光山	国家A级旅游景区名录 2023年9月建设
台湾	台南市	赤崁楼·安平古堡·四草绿色隧道·孔庙	国家A级旅游景区名录 2023年9月建设
台湾	屏东县	垦丁国家公园·鹅銮鼻·小琉球·海生馆	国家A级旅游景区名录 2023年9月建设
台湾	台中市	逢甲夜市·彩虹眷村·高美湿地·东海大学	国家A级旅游景区名录 2023年9月建设
台湾	宜兰县	龟山岛·太平山·冬山河·礁溪温泉	国家A级旅游景区名录 2023年9月建设
−	+	100%
